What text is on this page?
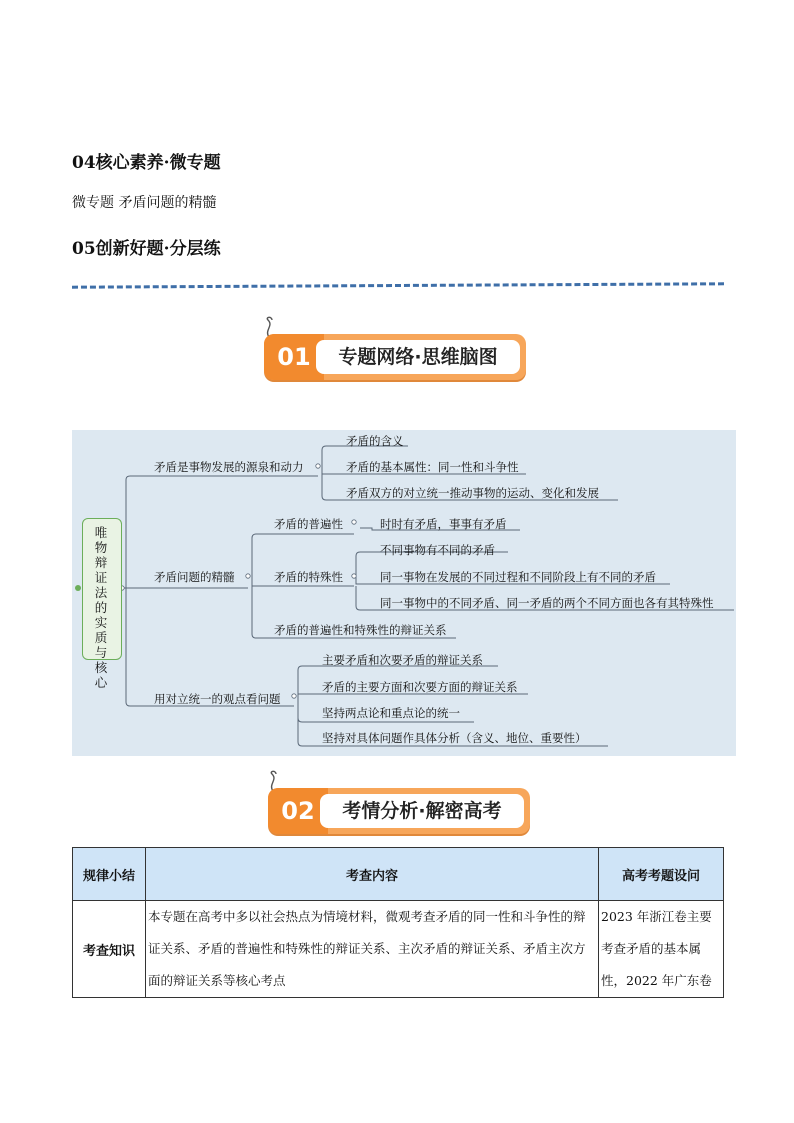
04核心素养·微专题
微专题 矛盾问题的精髓
05创新好题·分层练
01	专题网络·思维脑图
唯物辩证法的实质与核心
矛盾是事物发展的源泉和动力
矛盾的含义
矛盾的基本属性：同一性和斗争性
矛盾双方的对立统一推动事物的运动、变化和发展
矛盾问题的精髓
矛盾的普遍性	时时有矛盾，事事有矛盾
矛盾的特殊性
不同事物有不同的矛盾
同一事物在发展的不同过程和不同阶段上有不同的矛盾
同一事物中的不同矛盾、同一矛盾的两个不同方面也各有其特殊性
矛盾的普遍性和特殊性的辩证关系
用对立统一的观点看问题
主要矛盾和次要矛盾的辩证关系
矛盾的主要方面和次要方面的辩证关系
坚持两点论和重点论的统一
坚持对具体问题作具体分析（含义、地位、重要性）
02	考情分析·解密高考
规律小结	考查内容	高考考题设问
考查知识	本专题在高考中多以社会热点为情境材料，微观考查矛盾的同一性和斗争性的辩证关系、矛盾的普遍性和特殊性的辩证关系、主次矛盾的辩证关系、矛盾主次方面的辩证关系等核心考点	2023 年浙江卷主要考查矛盾的基本属性，2022 年广东卷
